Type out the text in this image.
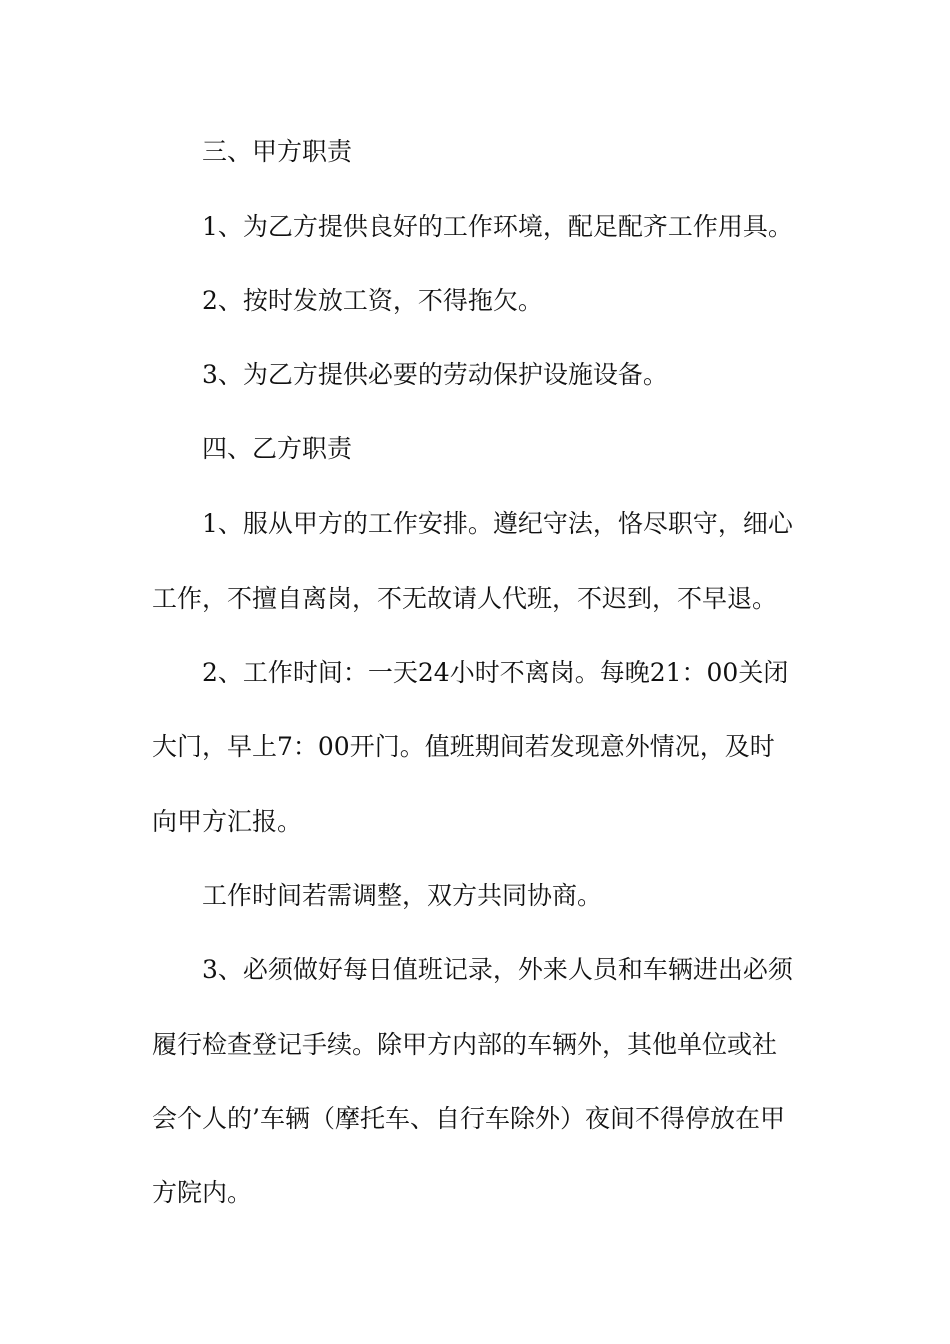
三、甲方职责
1、为乙方提供良好的工作环境，配足配齐工作用具。
2、按时发放工资，不得拖欠。
3、为乙方提供必要的劳动保护设施设备。
四、乙方职责
1、服从甲方的工作安排。遵纪守法，恪尽职守，细心
工作，不擅自离岗，不无故请人代班，不迟到，不早退。
2、工作时间：一天24小时不离岗。每晚21：00关闭
大门，早上7：00开门。值班期间若发现意外情况，及时
向甲方汇报。
工作时间若需调整，双方共同协商。
3、必须做好每日值班记录，外来人员和车辆进出必须
履行检查登记手续。除甲方内部的车辆外，其他单位或社
会个人的’车辆（摩托车、自行车除外）夜间不得停放在甲
方院内。
